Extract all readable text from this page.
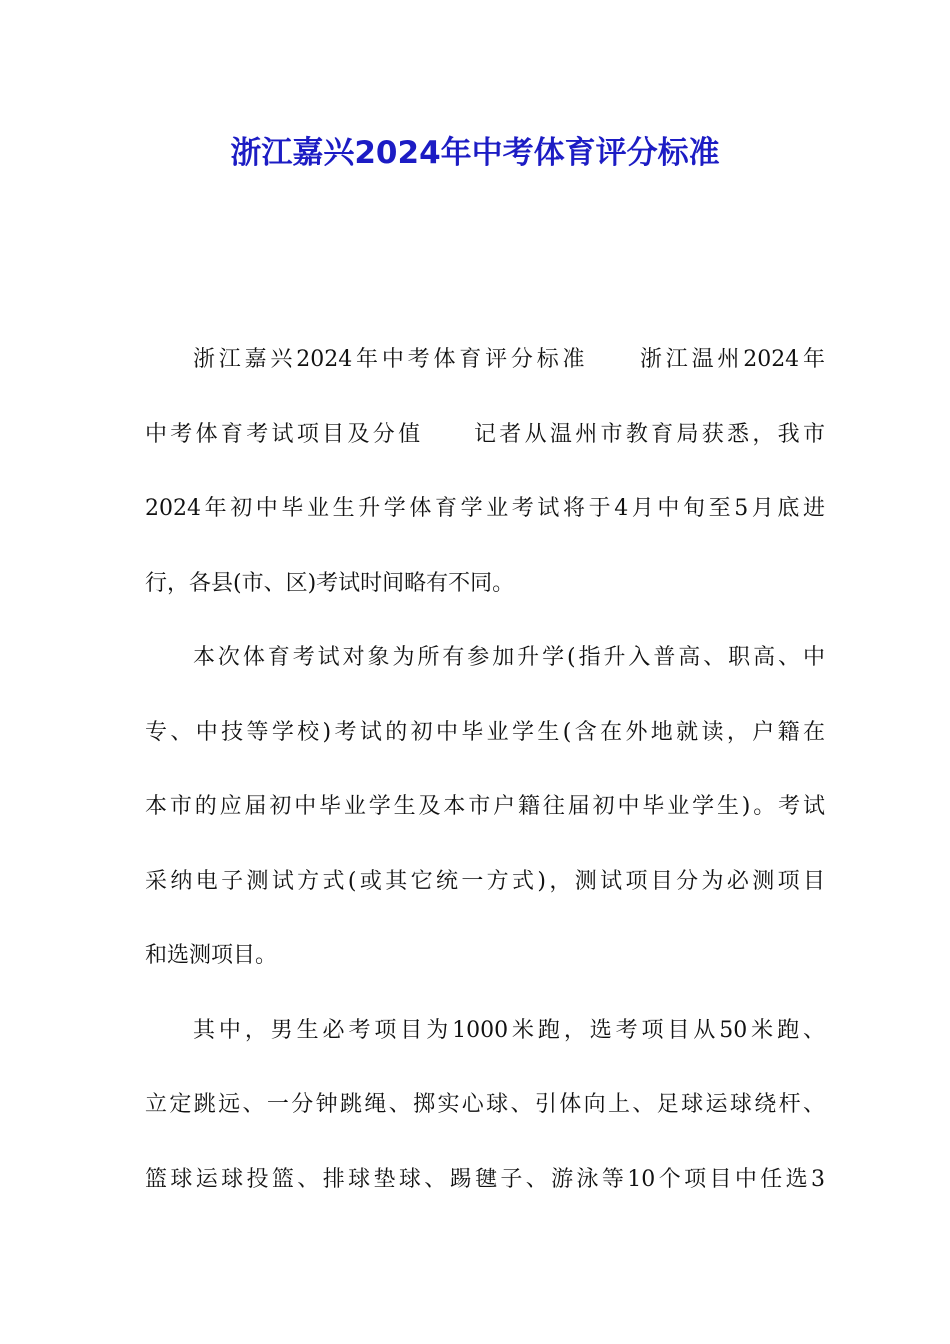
浙江嘉兴2024年中考体育评分标准
浙江嘉兴2024年中考体育评分标准　　浙江温州2024年
中考体育考试项目及分值　　记者从温州市教育局获悉，我市
2024年初中毕业生升学体育学业考试将于4月中旬至5月底进
行，各县(市、区)考试时间略有不同。
本次体育考试对象为所有参加升学(指升入普高、职高、中
专、中技等学校)考试的初中毕业学生(含在外地就读，户籍在
本市的应届初中毕业学生及本市户籍往届初中毕业学生)。考试
采纳电子测试方式(或其它统一方式)，测试项目分为必测项目
和选测项目。
其中，男生必考项目为1000米跑，选考项目从50米跑、
立定跳远、一分钟跳绳、掷实心球、引体向上、足球运球绕杆、
篮球运球投篮、排球垫球、踢毽子、游泳等10个项目中任选3
